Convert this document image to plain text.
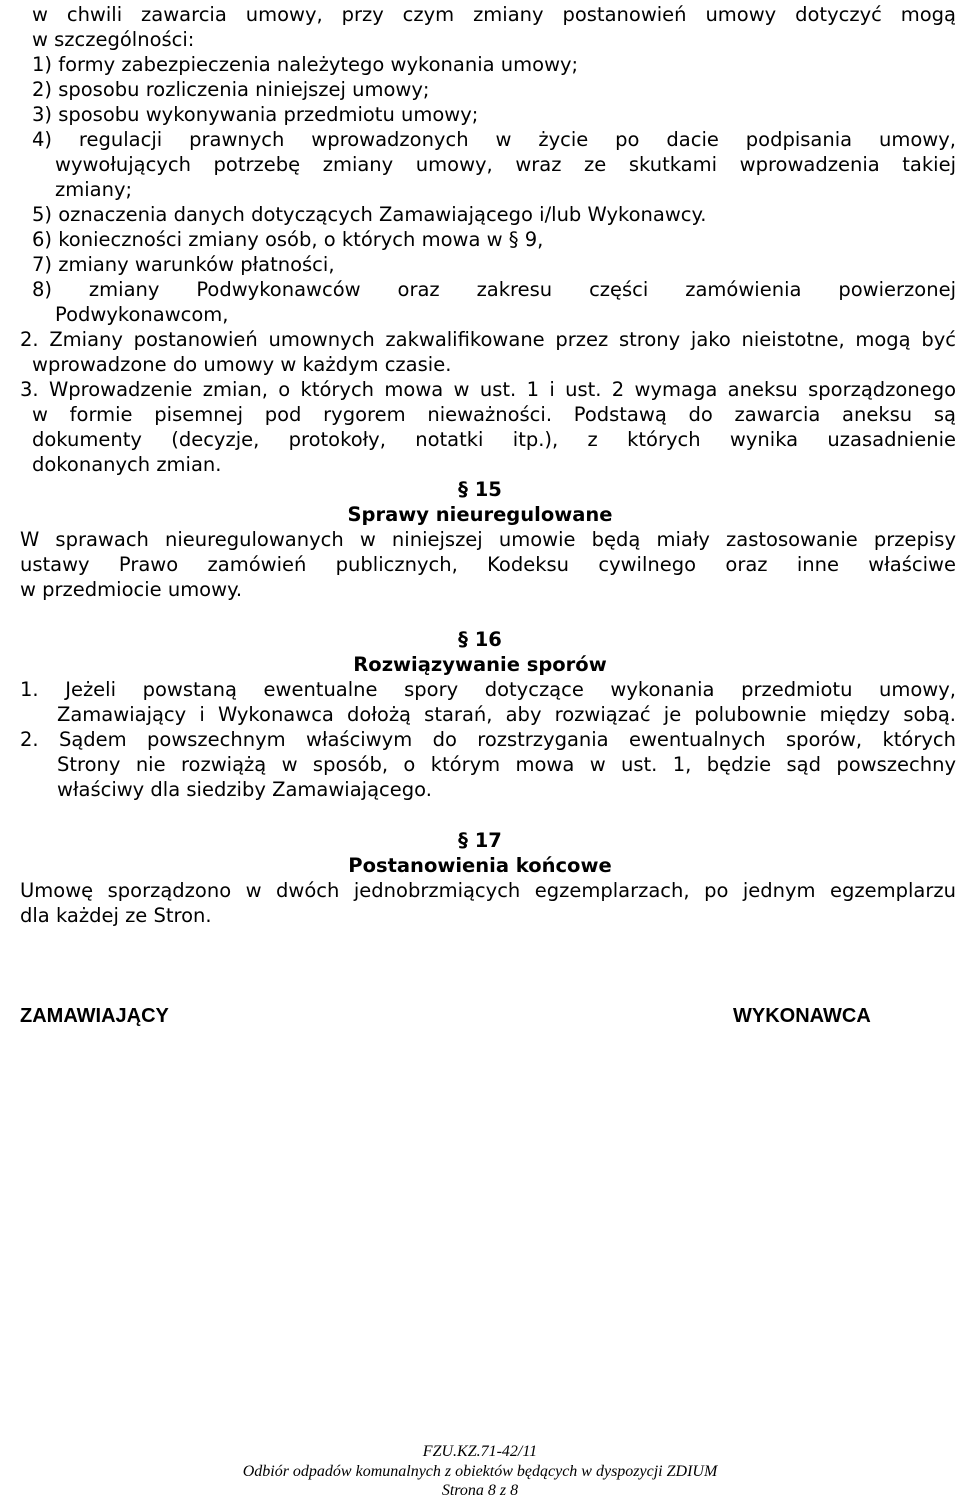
w chwili zawarcia umowy, przy czym zmiany postanowień umowy dotyczyć mogą
w szczególności:
1) formy zabezpieczenia należytego wykonania umowy;
2) sposobu rozliczenia niniejszej umowy;
3) sposobu wykonywania przedmiotu umowy;
4) regulacji prawnych wprowadzonych w życie po dacie podpisania umowy,
wywołujących potrzebę zmiany umowy, wraz ze skutkami wprowadzenia takiej
zmiany;
5) oznaczenia danych dotyczących Zamawiającego i/lub Wykonawcy.
6) konieczności zmiany osób, o których mowa w § 9,
7) zmiany warunków płatności,
8) zmiany Podwykonawców oraz zakresu części zamówienia powierzonej
Podwykonawcom,
2. Zmiany postanowień umownych zakwalifikowane przez strony jako nieistotne, mogą być
wprowadzone do umowy w każdym czasie.
3. Wprowadzenie zmian, o których mowa w ust. 1 i ust. 2 wymaga aneksu sporządzonego
w formie pisemnej pod rygorem nieważności. Podstawą do zawarcia aneksu są
dokumenty (decyzje, protokoły, notatki itp.), z których wynika uzasadnienie
dokonanych zmian.
§ 15
Sprawy nieuregulowane
W sprawach nieuregulowanych w niniejszej umowie będą miały zastosowanie przepisy
ustawy Prawo zamówień publicznych, Kodeksu cywilnego oraz inne właściwe
w przedmiocie umowy.
§ 16
Rozwiązywanie sporów
1. Jeżeli powstaną ewentualne spory dotyczące wykonania przedmiotu umowy,
Zamawiający i Wykonawca dołożą starań, aby rozwiązać je polubownie między sobą.
2. Sądem powszechnym właściwym do rozstrzygania ewentualnych sporów, których
Strony nie rozwiążą w sposób, o którym mowa w ust. 1, będzie sąd powszechny
właściwy dla siedziby Zamawiającego.
§ 17
Postanowienia końcowe
Umowę sporządzono w dwóch jednobrzmiących egzemplarzach, po jednym egzemplarzu
dla każdej ze Stron.
ZAMAWIAJĄCY	WYKONAWCA
FZU.KZ.71-42/11
Odbiór odpadów komunalnych z obiektów będących w dyspozycji ZDIUM
Strona 8 z 8
